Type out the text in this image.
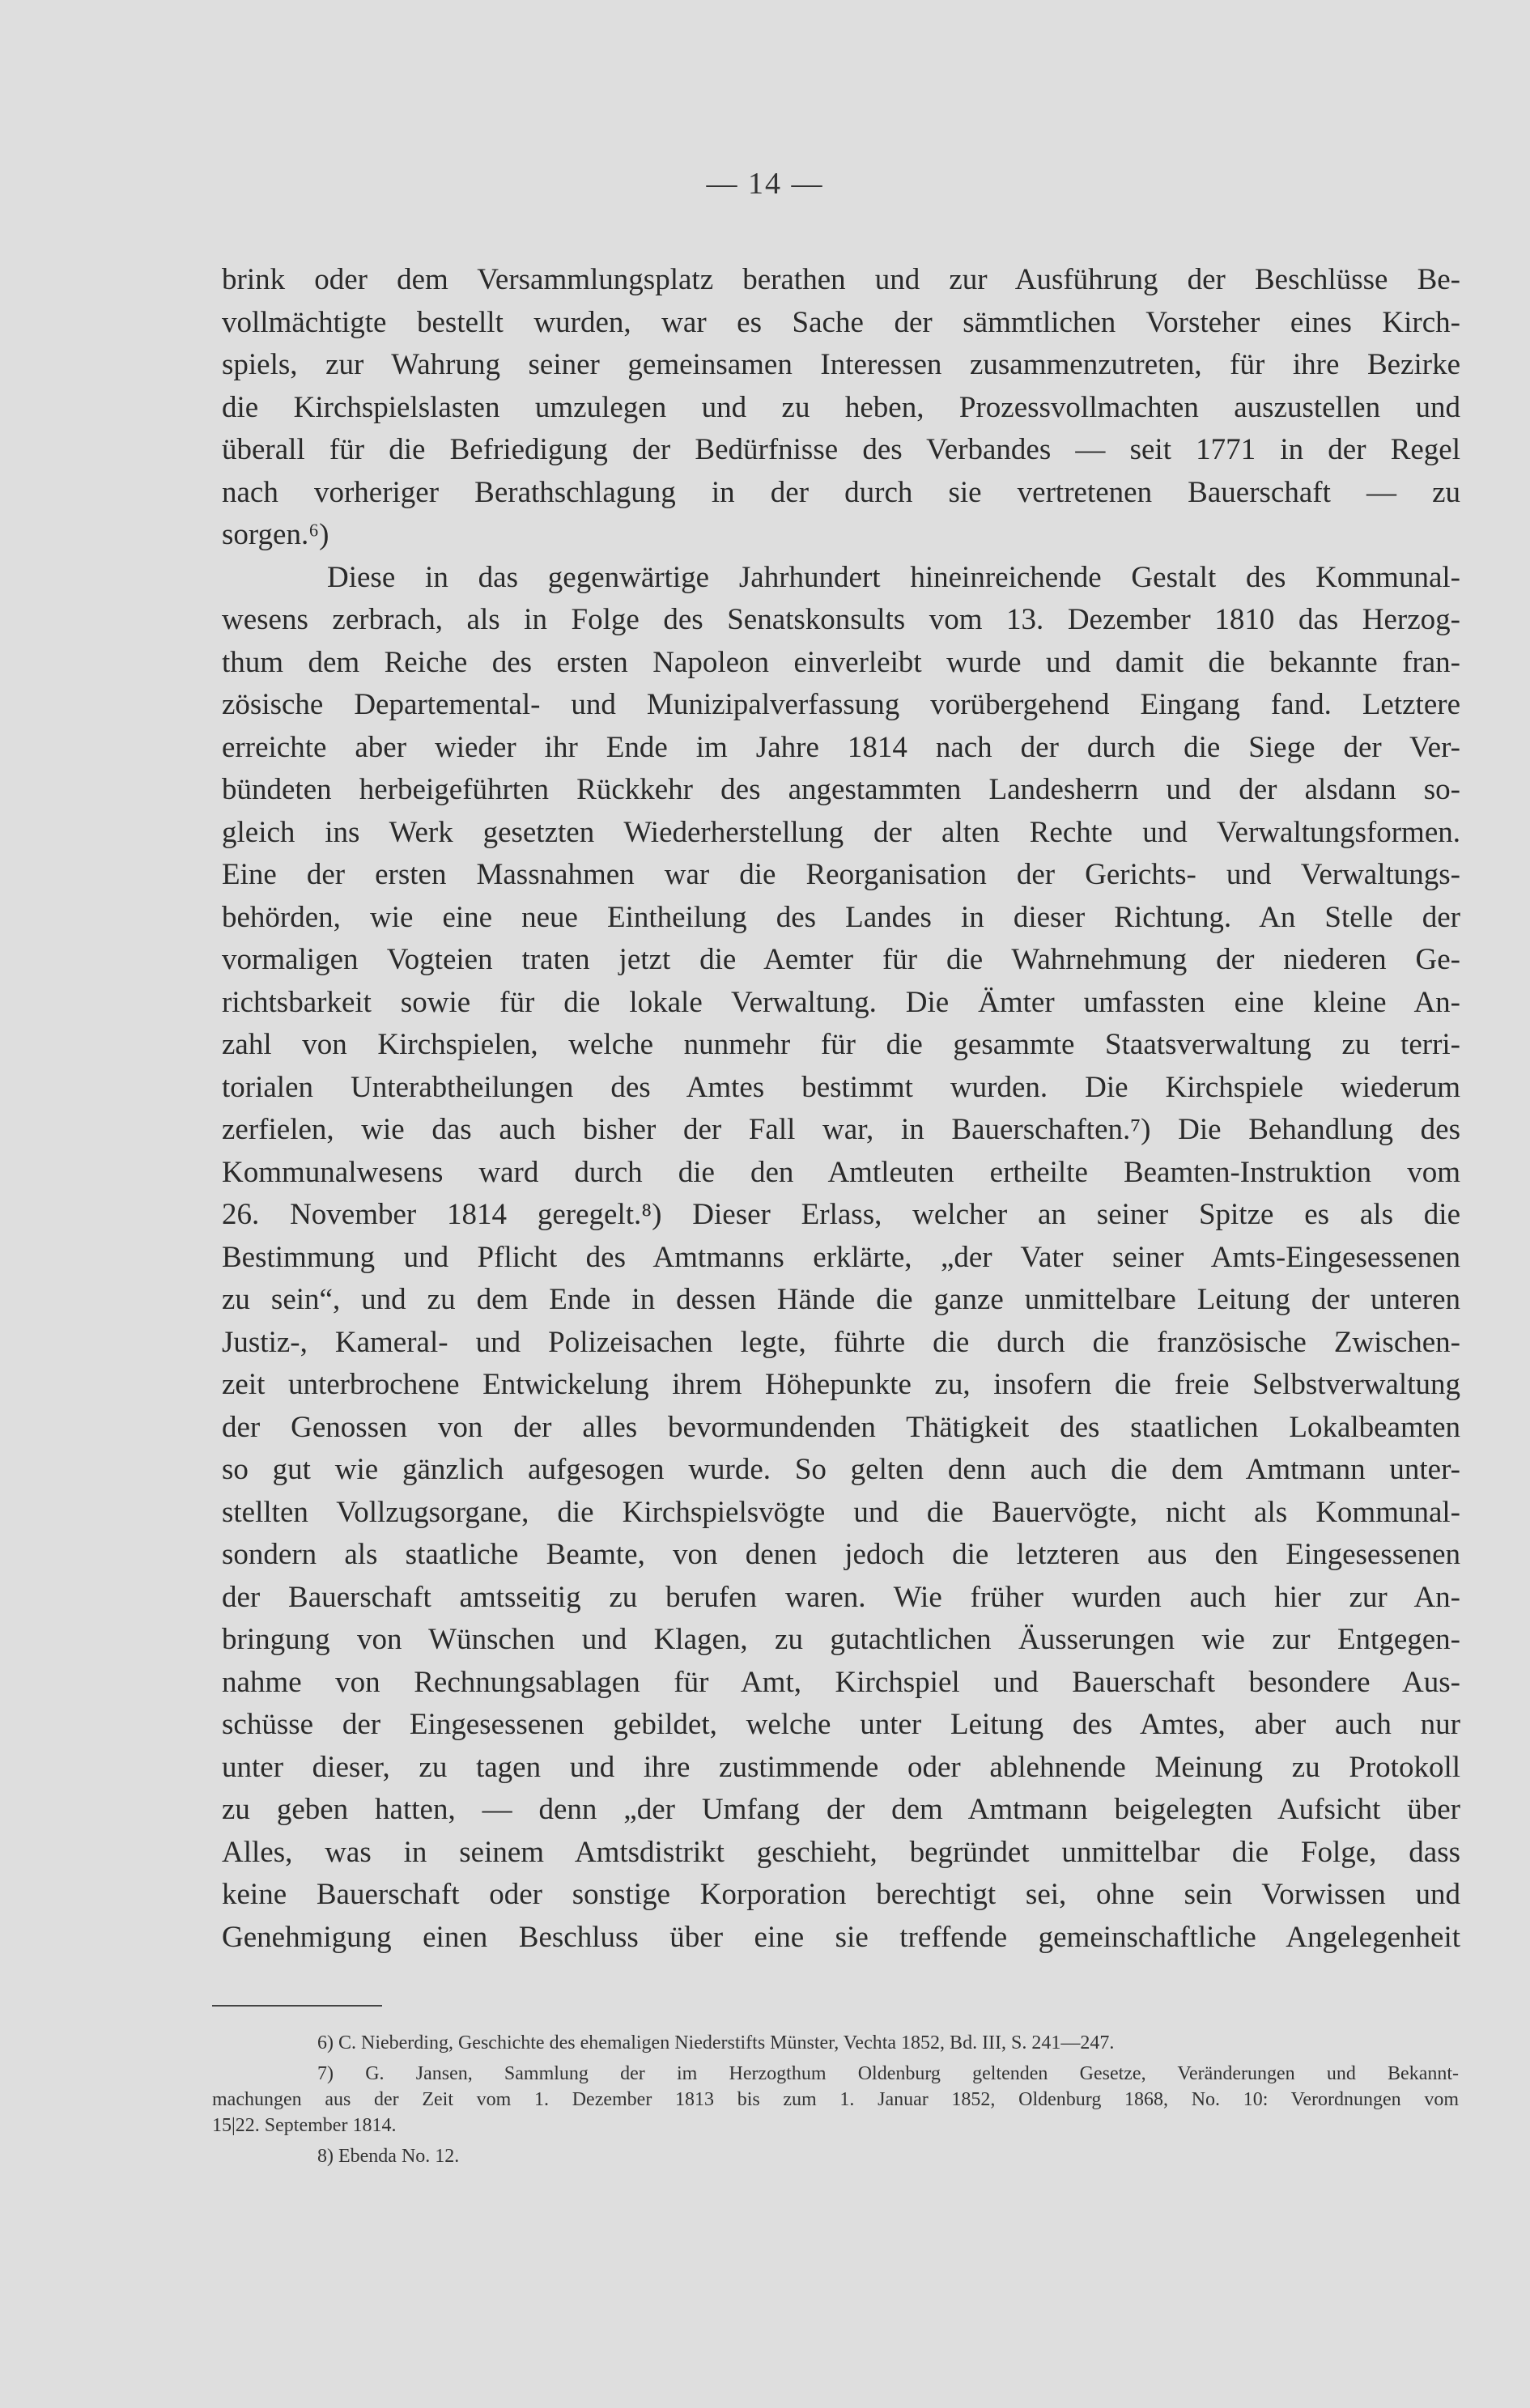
— 14 —
brink oder dem Versammlungsplatz berathen und zur Ausführung der Beschlüsse Be-
vollmächtigte bestellt wurden, war es Sache der sämmtlichen Vorsteher eines Kirch-
spiels, zur Wahrung seiner gemeinsamen Interessen zusammenzutreten, für ihre Bezirke
die Kirchspielslasten umzulegen und zu heben, Prozessvollmachten auszustellen und
überall für die Befriedigung der Bedürfnisse des Verbandes — seit 1771 in der Regel
nach vorheriger Berathschlagung in der durch sie vertretenen Bauerschaft — zu
sorgen.⁶)
Diese in das gegenwärtige Jahrhundert hineinreichende Gestalt des Kommunal-
wesens zerbrach, als in Folge des Senatskonsults vom 13. Dezember 1810 das Herzog-
thum dem Reiche des ersten Napoleon einverleibt wurde und damit die bekannte fran-
zösische Departemental- und Munizipalverfassung vorübergehend Eingang fand. Letztere
erreichte aber wieder ihr Ende im Jahre 1814 nach der durch die Siege der Ver-
bündeten herbeigeführten Rückkehr des angestammten Landesherrn und der alsdann so-
gleich ins Werk gesetzten Wiederherstellung der alten Rechte und Verwaltungsformen.
Eine der ersten Massnahmen war die Reorganisation der Gerichts- und Verwaltungs-
behörden, wie eine neue Eintheilung des Landes in dieser Richtung. An Stelle der
vormaligen Vogteien traten jetzt die Aemter für die Wahrnehmung der niederen Ge-
richtsbarkeit sowie für die lokale Verwaltung. Die Ämter umfassten eine kleine An-
zahl von Kirchspielen, welche nunmehr für die gesammte Staatsverwaltung zu terri-
torialen Unterabtheilungen des Amtes bestimmt wurden. Die Kirchspiele wiederum
zerfielen, wie das auch bisher der Fall war, in Bauerschaften.⁷) Die Behandlung des
Kommunalwesens ward durch die den Amtleuten ertheilte Beamten-Instruktion vom
26. November 1814 geregelt.⁸) Dieser Erlass, welcher an seiner Spitze es als die
Bestimmung und Pflicht des Amtmanns erklärte, „der Vater seiner Amts-Eingesessenen
zu sein“, und zu dem Ende in dessen Hände die ganze unmittelbare Leitung der unteren
Justiz-, Kameral- und Polizeisachen legte, führte die durch die französische Zwischen-
zeit unterbrochene Entwickelung ihrem Höhepunkte zu, insofern die freie Selbstverwaltung
der Genossen von der alles bevormundenden Thätigkeit des staatlichen Lokalbeamten
so gut wie gänzlich aufgesogen wurde. So gelten denn auch die dem Amtmann unter-
stellten Vollzugsorgane, die Kirchspielsvögte und die Bauervögte, nicht als Kommunal-
sondern als staatliche Beamte, von denen jedoch die letzteren aus den Eingesessenen
der Bauerschaft amtsseitig zu berufen waren. Wie früher wurden auch hier zur An-
bringung von Wünschen und Klagen, zu gutachtlichen Äusserungen wie zur Entgegen-
nahme von Rechnungsablagen für Amt, Kirchspiel und Bauerschaft besondere Aus-
schüsse der Eingesessenen gebildet, welche unter Leitung des Amtes, aber auch nur
unter dieser, zu tagen und ihre zustimmende oder ablehnende Meinung zu Protokoll
zu geben hatten, — denn „der Umfang der dem Amtmann beigelegten Aufsicht über
Alles, was in seinem Amtsdistrikt geschieht, begründet unmittelbar die Folge, dass
keine Bauerschaft oder sonstige Korporation berechtigt sei, ohne sein Vorwissen und
Genehmigung einen Beschluss über eine sie treffende gemeinschaftliche Angelegenheit
6) C. Nieberding, Geschichte des ehemaligen Niederstifts Münster, Vechta 1852, Bd. III, S. 241—247.
7) G. Jansen, Sammlung der im Herzogthum Oldenburg geltenden Gesetze, Veränderungen und Bekannt-
machungen aus der Zeit vom 1. Dezember 1813 bis zum 1. Januar 1852, Oldenburg 1868, No. 10: Verordnungen vom
15|22. September 1814.
8) Ebenda No. 12.
